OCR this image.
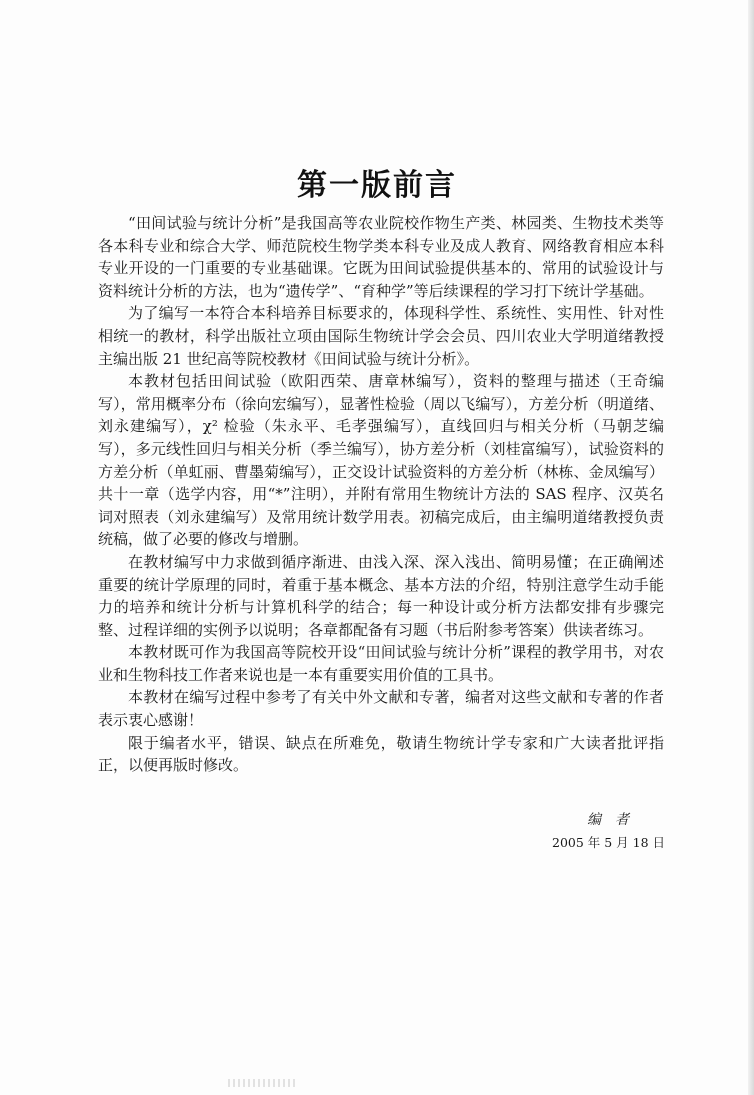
第一版前言

“田间试验与统计分析”是我国高等农业院校作物生产类、林园类、生物技术类等各本科专业和综合大学、师范院校生物学类本科专业及成人教育、网络教育相应本科专业开设的一门重要的专业基础课。它既为田间试验提供基本的、常用的试验设计与资料统计分析的方法，也为“遗传学”、“育种学”等后续课程的学习打下统计学基础。

为了编写一本符合本科培养目标要求的，体现科学性、系统性、实用性、针对性相统一的教材，科学出版社立项由国际生物统计学会会员、四川农业大学明道绪教授主编出版 21 世纪高等院校教材《田间试验与统计分析》。

本教材包括田间试验（欧阳西荣、唐章林编写），资料的整理与描述（王奇编写），常用概率分布（徐向宏编写），显著性检验（周以飞编写），方差分析（明道绪、刘永建编写），χ² 检验（朱永平、毛孝强编写），直线回归与相关分析（马朝芝编写），多元线性回归与相关分析（季兰编写），协方差分析（刘桂富编写），试验资料的方差分析（单虹丽、曹墨菊编写），正交设计试验资料的方差分析（林栋、金凤编写）共十一章（选学内容，用“*”注明），并附有常用生物统计方法的 SAS 程序、汉英名词对照表（刘永建编写）及常用统计数学用表。初稿完成后，由主编明道绪教授负责统稿，做了必要的修改与增删。

在教材编写中力求做到循序渐进、由浅入深、深入浅出、简明易懂；在正确阐述重要的统计学原理的同时，着重于基本概念、基本方法的介绍，特别注意学生动手能力的培养和统计分析与计算机科学的结合；每一种设计或分析方法都安排有步骤完整、过程详细的实例予以说明；各章都配备有习题（书后附参考答案）供读者练习。

本教材既可作为我国高等院校开设“田间试验与统计分析”课程的教学用书，对农业和生物科技工作者来说也是一本有重要实用价值的工具书。

本教材在编写过程中参考了有关中外文献和专著，编者对这些文献和专著的作者表示衷心感谢！

限于编者水平，错误、缺点在所难免，敬请生物统计学专家和广大读者批评指正，以便再版时修改。

编者
2005 年 5 月 18 日
